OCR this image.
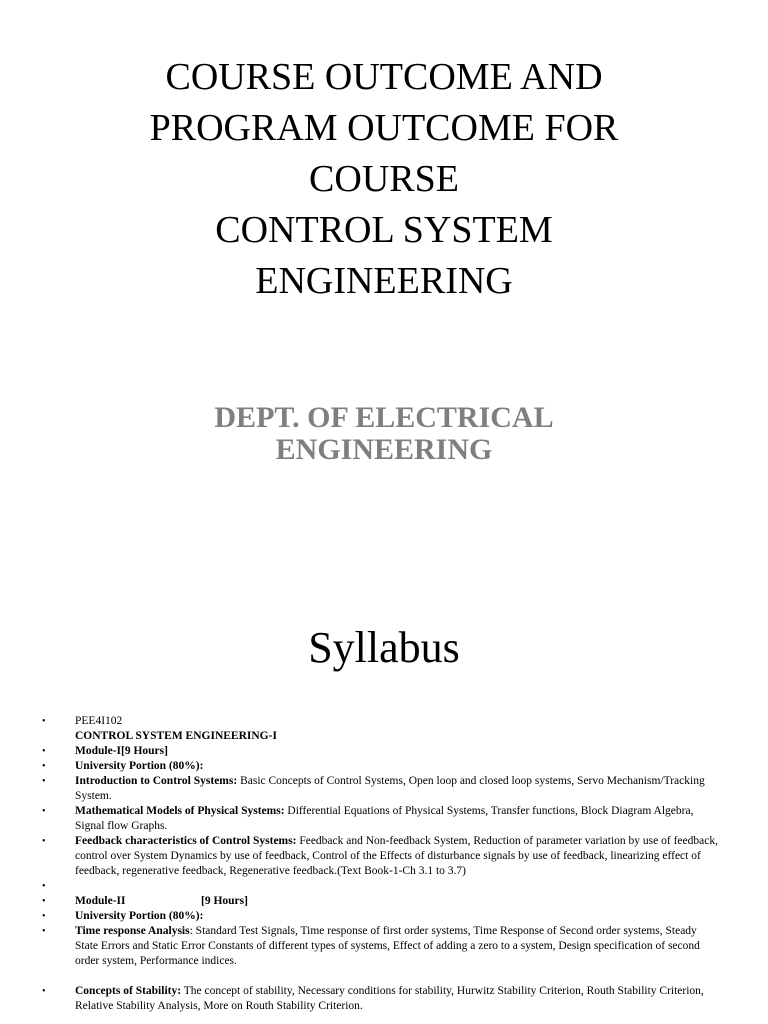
COURSE OUTCOME AND
PROGRAM OUTCOME FOR
COURSE
CONTROL SYSTEM
ENGINEERING
DEPT. OF ELECTRICAL
ENGINEERING
Syllabus
•	PEE4I102
CONTROL SYSTEM ENGINEERING-I
•	Module-I[9 Hours]
•	University Portion (80%):
•	Introduction to Control Systems: Basic Concepts of Control Systems, Open loop and closed loop systems, Servo Mechanism/Tracking System.
•	Mathematical Models of Physical Systems: Differential Equations of Physical Systems, Transfer functions, Block Diagram Algebra, Signal flow Graphs.
•	Feedback characteristics of Control Systems: Feedback and Non-feedback System, Reduction of parameter variation by use of feedback, control over System Dynamics by use of feedback, Control of the Effects of disturbance signals by use of feedback, linearizing effect of feedback, regenerative feedback, Regenerative feedback.(Text Book-1-Ch 3.1 to 3.7)
•
•	Module-II	[9 Hours]
•	University Portion (80%):
•	Time response Analysis: Standard Test Signals, Time response of first order systems, Time Response of Second order systems, Steady State Errors and Static Error Constants of different types of systems, Effect of adding a zero to a system, Design specification of second order system, Performance indices.
•	Concepts of Stability: The concept of stability, Necessary conditions for stability, Hurwitz Stability Criterion, Routh Stability Criterion, Relative Stability Analysis, More on Routh Stability Criterion.
